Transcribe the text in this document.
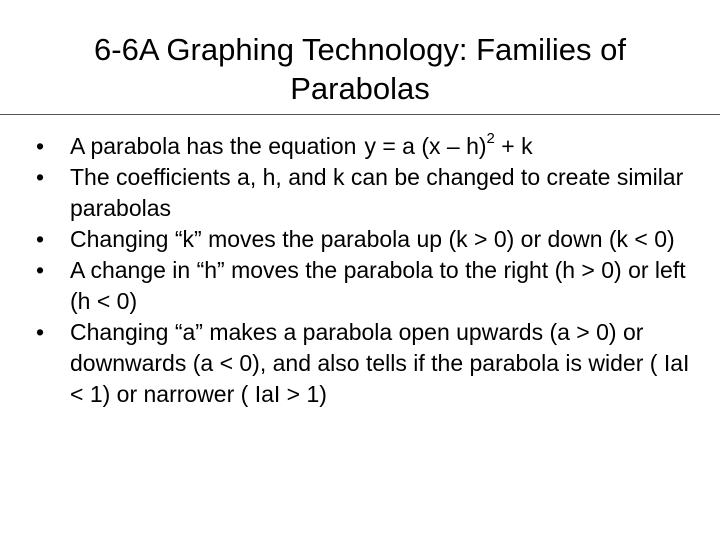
6-6A Graphing Technology: Families of Parabolas
• A parabola has the equation y = a (x – h)$^2$ + k
• The coefficients a, h, and k can be changed to create similar parabolas
• Changing “k” moves the parabola up (k > 0) or down (k < 0)
• A change in “h” moves the parabola to the right (h > 0) or left (h < 0)
• Changing “a” makes a parabola open upwards (a > 0) or downwards (a < 0), and also tells if the parabola is wider ( IaI < 1) or narrower ( IaI > 1)
